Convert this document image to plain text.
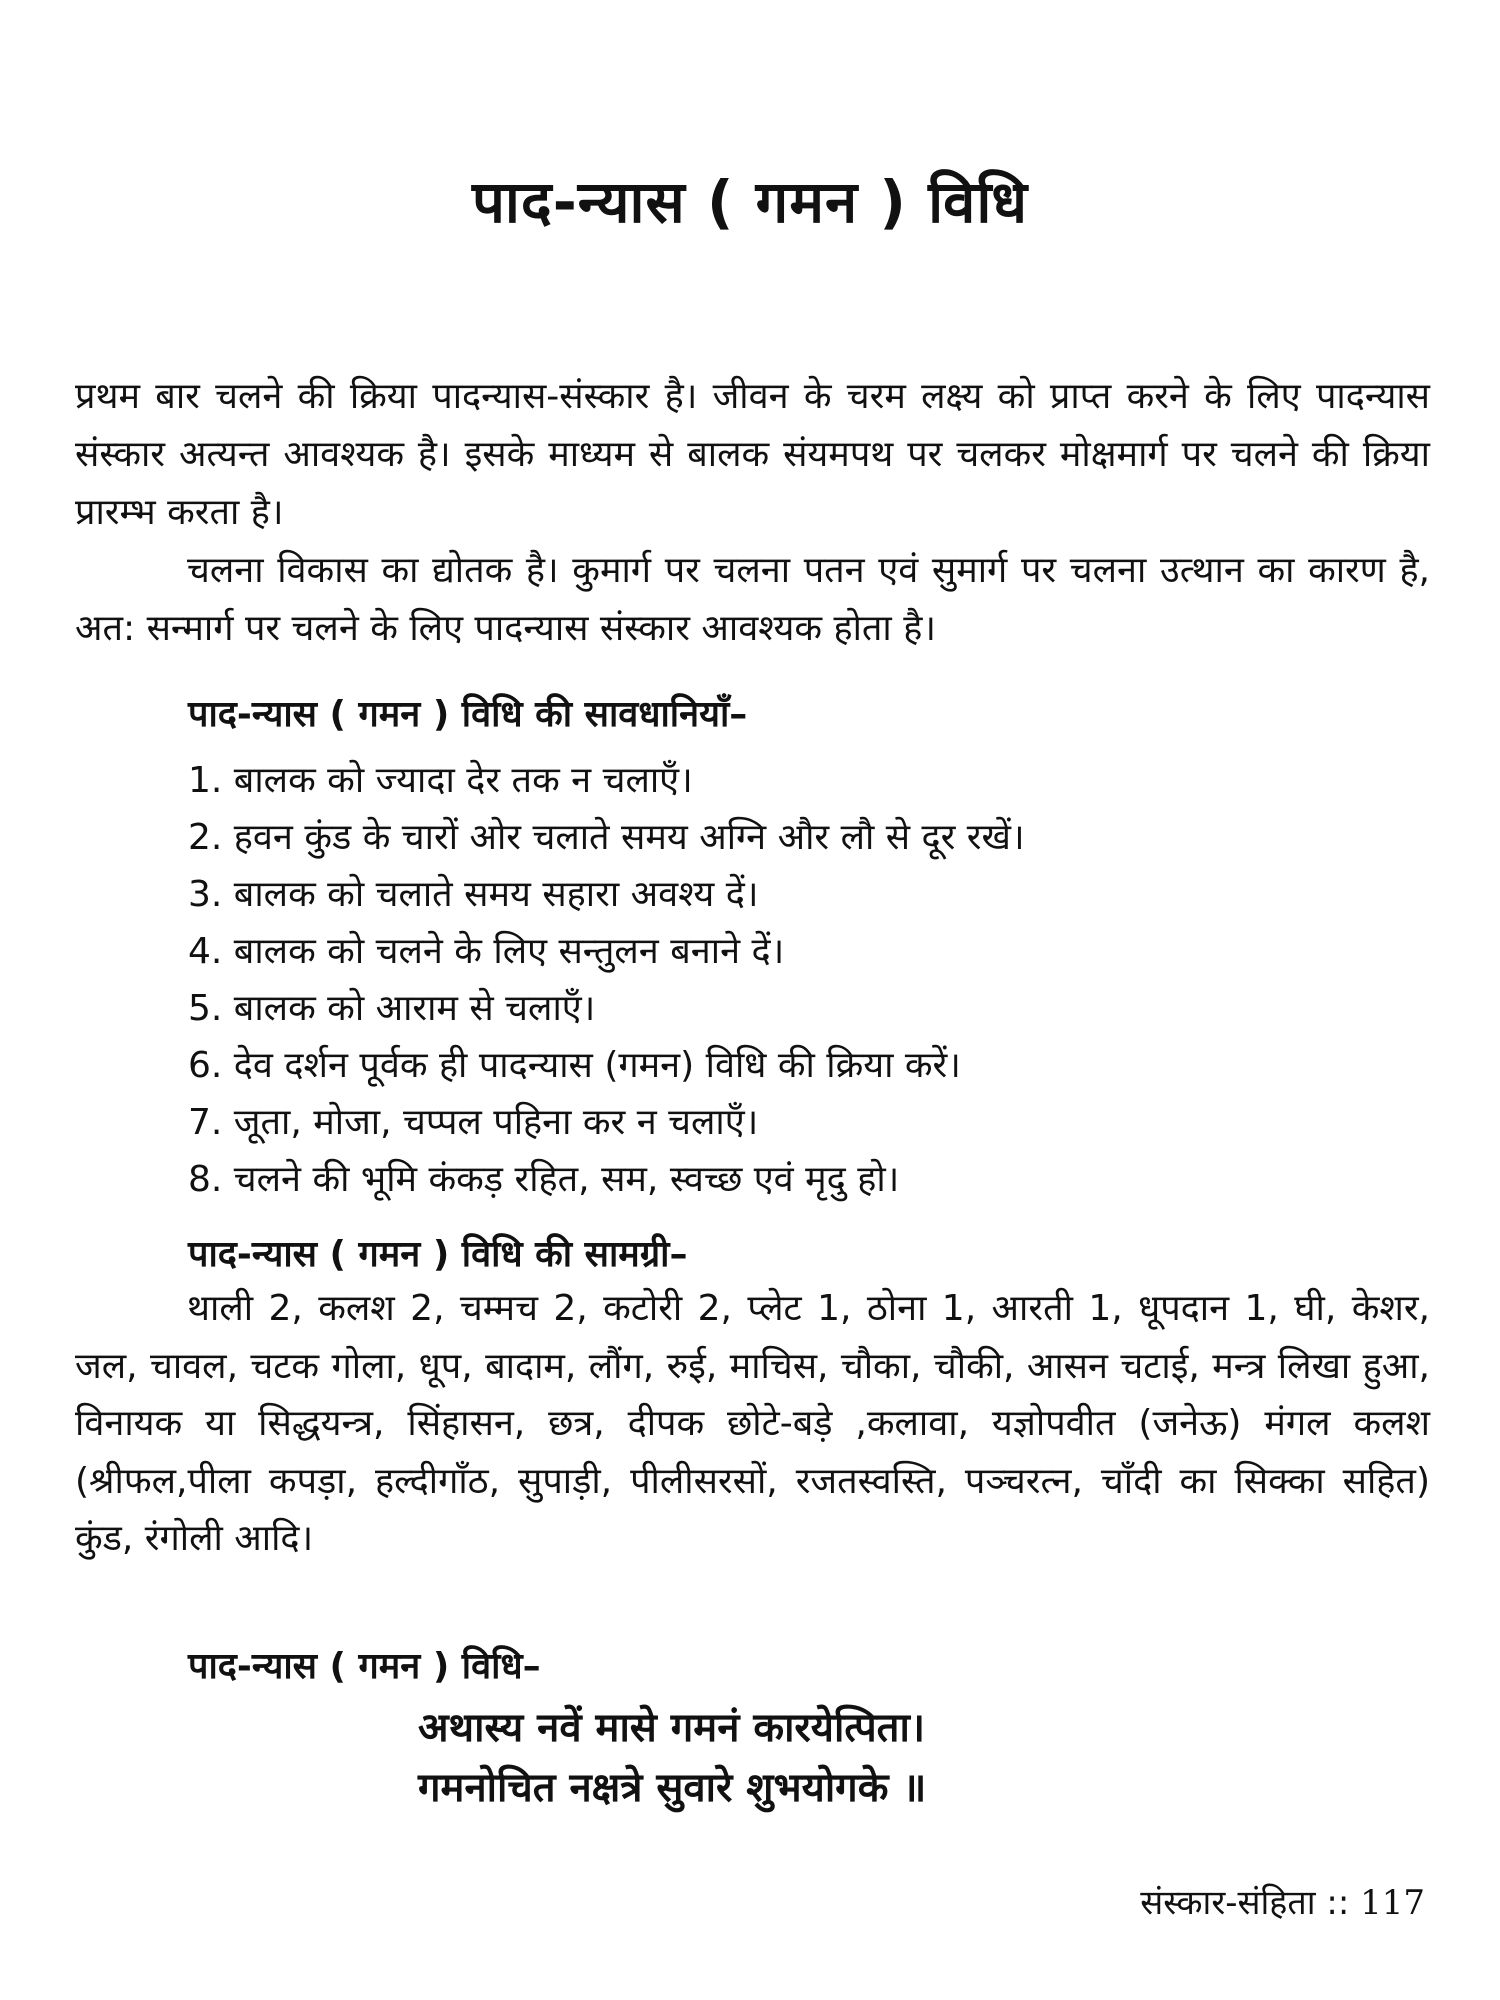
पाद-न्यास ( गमन ) विधि

प्रथम बार चलने की क्रिया पादन्यास-संस्कार है। जीवन के चरम लक्ष्य को प्राप्त करने के लिए पादन्यास संस्कार अत्यन्त आवश्यक है। इसके माध्यम से बालक संयमपथ पर चलकर मोक्षमार्ग पर चलने की क्रिया प्रारम्भ करता है।

चलना विकास का द्योतक है। कुमार्ग पर चलना पतन एवं सुमार्ग पर चलना उत्थान का कारण है, अत: सन्मार्ग पर चलने के लिए पादन्यास संस्कार आवश्यक होता है।

पाद-न्यास ( गमन ) विधि की सावधानियाँ–
1. बालक को ज्यादा देर तक न चलाएँ।
2. हवन कुंड के चारों ओर चलाते समय अग्नि और लौ से दूर रखें।
3. बालक को चलाते समय सहारा अवश्य दें।
4. बालक को चलने के लिए सन्तुलन बनाने दें।
5. बालक को आराम से चलाएँ।
6. देव दर्शन पूर्वक ही पादन्यास (गमन) विधि की क्रिया करें।
7. जूता, मोजा, चप्पल पहिना कर न चलाएँ।
8. चलने की भूमि कंकड़ रहित, सम, स्वच्छ एवं मृदु हो।
पाद-न्यास ( गमन ) विधि की सामग्री–

थाली 2, कलश 2, चम्मच 2, कटोरी 2, प्लेट 1, ठोना 1, आरती 1, धूपदान 1, घी, केशर, जल, चावल, चटक गोला, धूप, बादाम, लौंग, रुई, माचिस, चौका, चौकी, आसन चटाई, मन्त्र लिखा हुआ, विनायक या सिद्धयन्त्र, सिंहासन, छत्र, दीपक छोटे-बड़े ,कलावा, यज्ञोपवीत (जनेऊ) मंगल कलश (श्रीफल,पीला कपड़ा, हल्दीगाँठ, सुपाड़ी, पीलीसरसों, रजतस्वस्ति, पञ्चरत्न, चाँदी का सिक्का सहित) कुंड, रंगोली आदि।

पाद-न्यास ( गमन ) विधि–
अथास्य नवें मासे गमनं कारयेत्पिता।
गमनोचित नक्षत्रे सुवारे शुभयोगके ॥
संस्कार-संहिता :: 117
